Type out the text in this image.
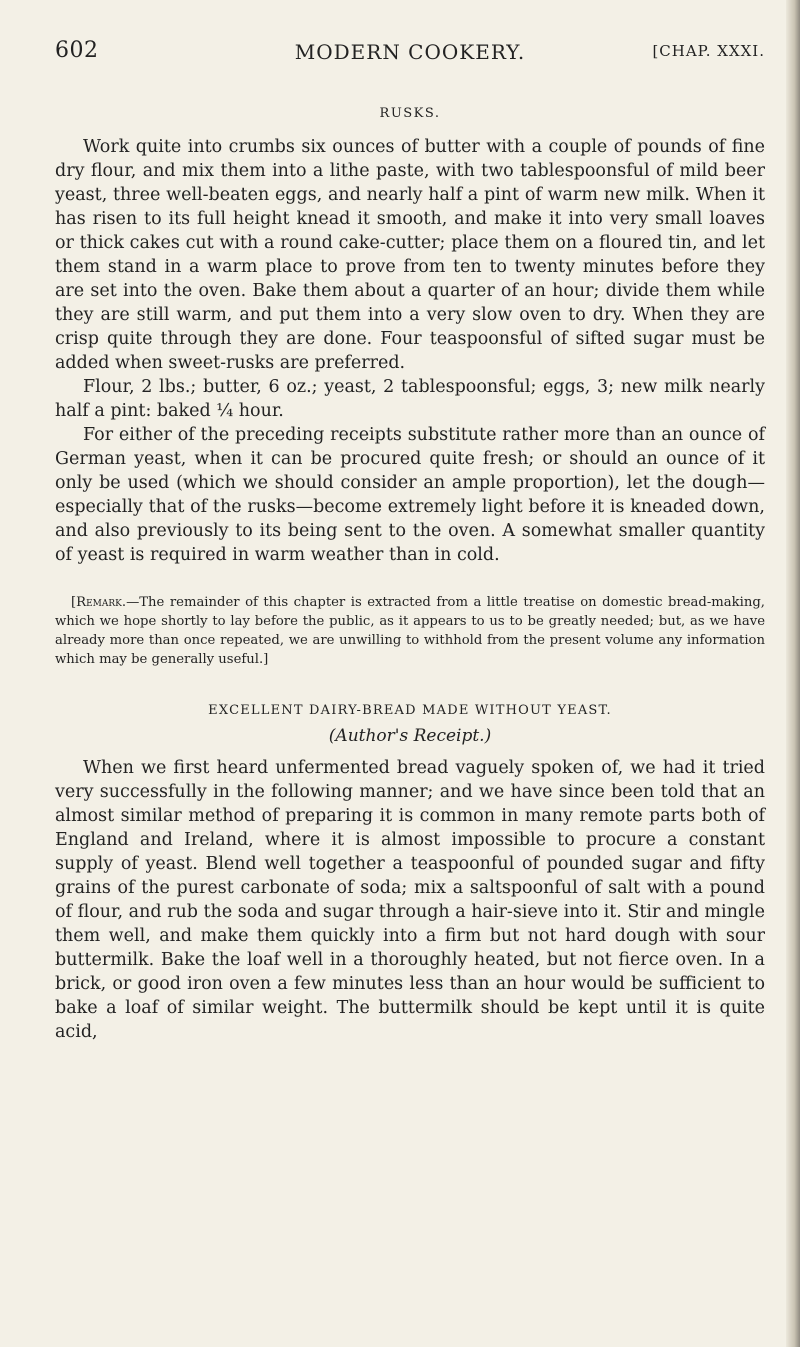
602	MODERN COOKERY.	[CHAP. XXXI.
RUSKS.

Work quite into crumbs six ounces of butter with a couple of pounds of fine dry flour, and mix them into a lithe paste, with two tablespoonsful of mild beer yeast, three well-beaten eggs, and nearly half a pint of warm new milk. When it has risen to its full height knead it smooth, and make it into very small loaves or thick cakes cut with a round cake-cutter; place them on a floured tin, and let them stand in a warm place to prove from ten to twenty minutes before they are set into the oven. Bake them about a quarter of an hour; divide them while they are still warm, and put them into a very slow oven to dry. When they are crisp quite through they are done. Four teaspoonsful of sifted sugar must be added when sweet-rusks are preferred.

Flour, 2 lbs.; butter, 6 oz.; yeast, 2 tablespoonsful; eggs, 3; new milk nearly half a pint: baked ¼ hour.

For either of the preceding receipts substitute rather more than an ounce of German yeast, when it can be procured quite fresh; or should an ounce of it only be used (which we should consider an ample proportion), let the dough—especially that of the rusks—become extremely light before it is kneaded down, and also previously to its being sent to the oven. A somewhat smaller quantity of yeast is required in warm weather than in cold.

[Remark.—The remainder of this chapter is extracted from a little treatise on domestic bread-making, which we hope shortly to lay before the public, as it appears to us to be greatly needed; but, as we have already more than once repeated, we are unwilling to withhold from the present volume any information which may be generally useful.]

EXCELLENT DAIRY-BREAD MADE WITHOUT YEAST.
(Author's Receipt.)

When we first heard unfermented bread vaguely spoken of, we had it tried very successfully in the following manner; and we have since been told that an almost similar method of preparing it is common in many remote parts both of England and Ireland, where it is almost impossible to procure a constant supply of yeast. Blend well together a teaspoonful of pounded sugar and fifty grains of the purest carbonate of soda; mix a saltspoonful of salt with a pound of flour, and rub the soda and sugar through a hair-sieve into it. Stir and mingle them well, and make them quickly into a firm but not hard dough with sour buttermilk. Bake the loaf well in a thoroughly heated, but not fierce oven. In a brick, or good iron oven a few minutes less than an hour would be sufficient to bake a loaf of similar weight. The buttermilk should be kept until it is quite acid,
